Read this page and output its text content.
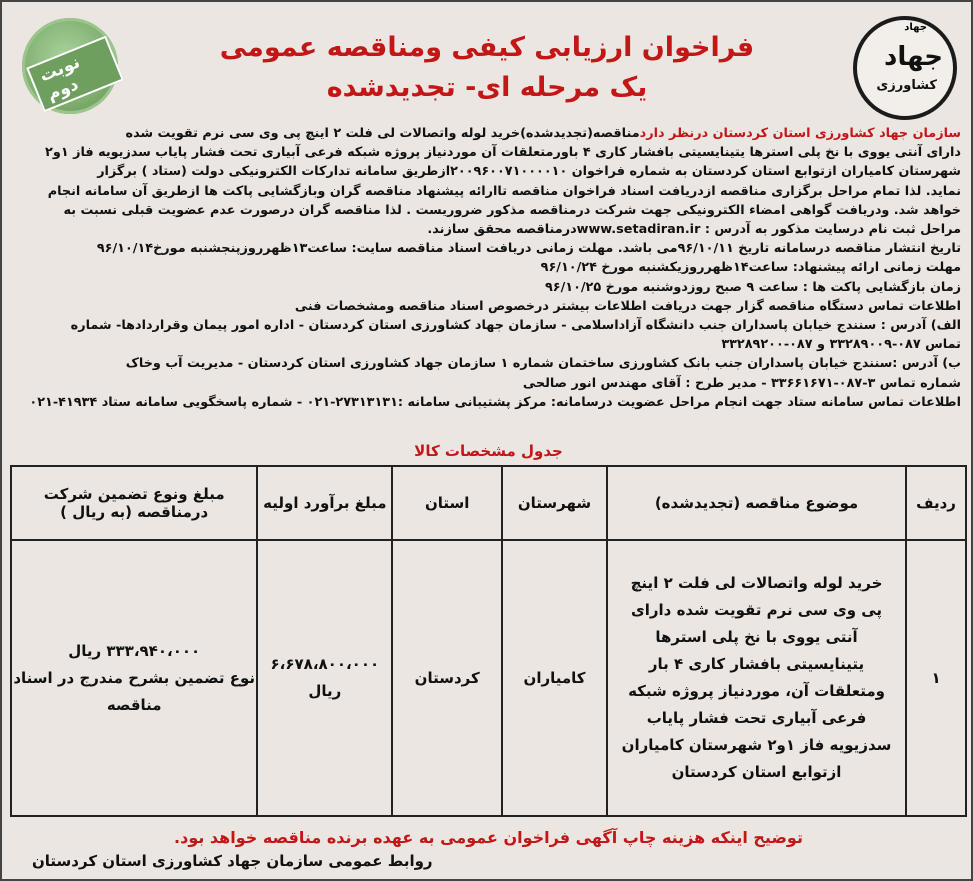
نوبت دوم
جهاد
جهاد
کشاورزی
فراخوان ارزیابی کیفی ومناقصه عمومی
یک مرحله ای- تجدیدشده
سازمان جهاد کشاورزی استان کردستان درنظر داردمناقصه(تجدیدشده)خرید لوله واتصالات لی فلت ۲ اینچ پی وی سی نرم تقویت شده
دارای آنتی یووی با نخ پلی استرها یتینایسیتی بافشار کاری ۴ باورمتعلقات آن موردنیاز پروژه شبکه فرعی آبیاری تحت فشار پایاب سدزیویه فاز ۱و۲
شهرستان کامیاران ازتوابع استان کردستان به شماره فراخوان ۲۰۰۹۶۰۰۷۱۰۰۰۰۱۰ازطریق سامانه تدارکات الکترونیکی دولت (ستاد ) برگزار
نماید. لذا تمام مراحل برگزاری مناقصه ازدریافت اسناد فراخوان مناقصه تاارائه پیشنهاد مناقصه گران وبازگشایی پاکت ها ازطریق آن سامانه انجام
خواهد شد. ودریافت گواهی امضاء الکترونیکی جهت شرکت درمناقصه مذکور ضروریست . لذا مناقصه گران درصورت عدم عضویت قبلی نسبت به
مراحل ثبت نام درسایت مذکور به آدرس : www.setadiran.irدرمناقصه محقق سازند.
تاریخ انتشار مناقصه درسامانه تاریخ ۹۶/۱۰/۱۱می باشد. مهلت زمانی دریافت اسناد مناقصه سایت: ساعت۱۳ظهرروزپنجشنبه مورخ۹۶/۱۰/۱۴
مهلت زمانی ارائه پیشنهاد: ساعت۱۴ظهرروزیکشنبه مورخ ۹۶/۱۰/۲۴
زمان بازگشایی پاکت ها : ساعت ۹ صبح روزدوشنبه مورخ ۹۶/۱۰/۲۵
اطلاعات تماس دستگاه مناقصه گزار جهت دریافت اطلاعات بیشتر درخصوص اسناد مناقصه ومشخصات فنی
الف) آدرس : سنندج خیابان پاسداران جنب دانشگاه آزاداسلامی - سازمان جهاد کشاورزی استان کردستان - اداره امور پیمان وقراردادها- شماره
تماس ۰۸۷-۳۳۲۸۹۰۰۹ و ۰۸۷-۳۳۲۸۹۲۰۰
ب) آدرس :سنندج خیابان پاسداران جنب بانک کشاورزی ساختمان شماره ۱ سازمان جهاد کشاورزی استان کردستان - مدیریت آب وخاک
شماره تماس ۳-۰۸۷-۳۳۶۶۱۶۷۱ - مدیر طرح : آقای مهندس انور صالحی
اطلاعات تماس سامانه ستاد جهت انجام مراحل عضویت درسامانه: مرکز پشتیبانی سامانه :۲۷۳۱۳۱۳۱-۰۲۱ - شماره پاسخگویی سامانه ستاد ۴۱۹۳۴-۰۲۱
جدول مشخصات کالا
ردیف	موضوع مناقصه (تجدیدشده)	شهرستان	استان	مبلغ برآورد اولیه	مبلغ ونوع تضمین شرکت درمناقصه (به ریال )
۱	خرید لوله واتصالات لی فلت ۲ اینچ پی وی سی نرم تقویت شده دارای آنتی یووی با نخ پلی استرها یتینایسیتی بافشار کاری ۴ بار ومتعلقات آن، موردنیاز پروژه شبکه فرعی آبیاری تحت فشار پایاب سدزیویه فاز ۱و۲ شهرستان کامیاران ازتوابع استان کردستان	کامیاران	کردستان	۶،۶۷۸،۸۰۰،۰۰۰ ریال	۳۳۳،۹۴۰،۰۰۰ ریال
نوع تضمین بشرح مندرج در اسناد مناقصه
توضیح اینکه هزینه چاپ آگهی فراخوان عمومی به عهده برنده مناقصه خواهد بود.
روابط عمومی سازمان جهاد کشاورزی استان کردستان
